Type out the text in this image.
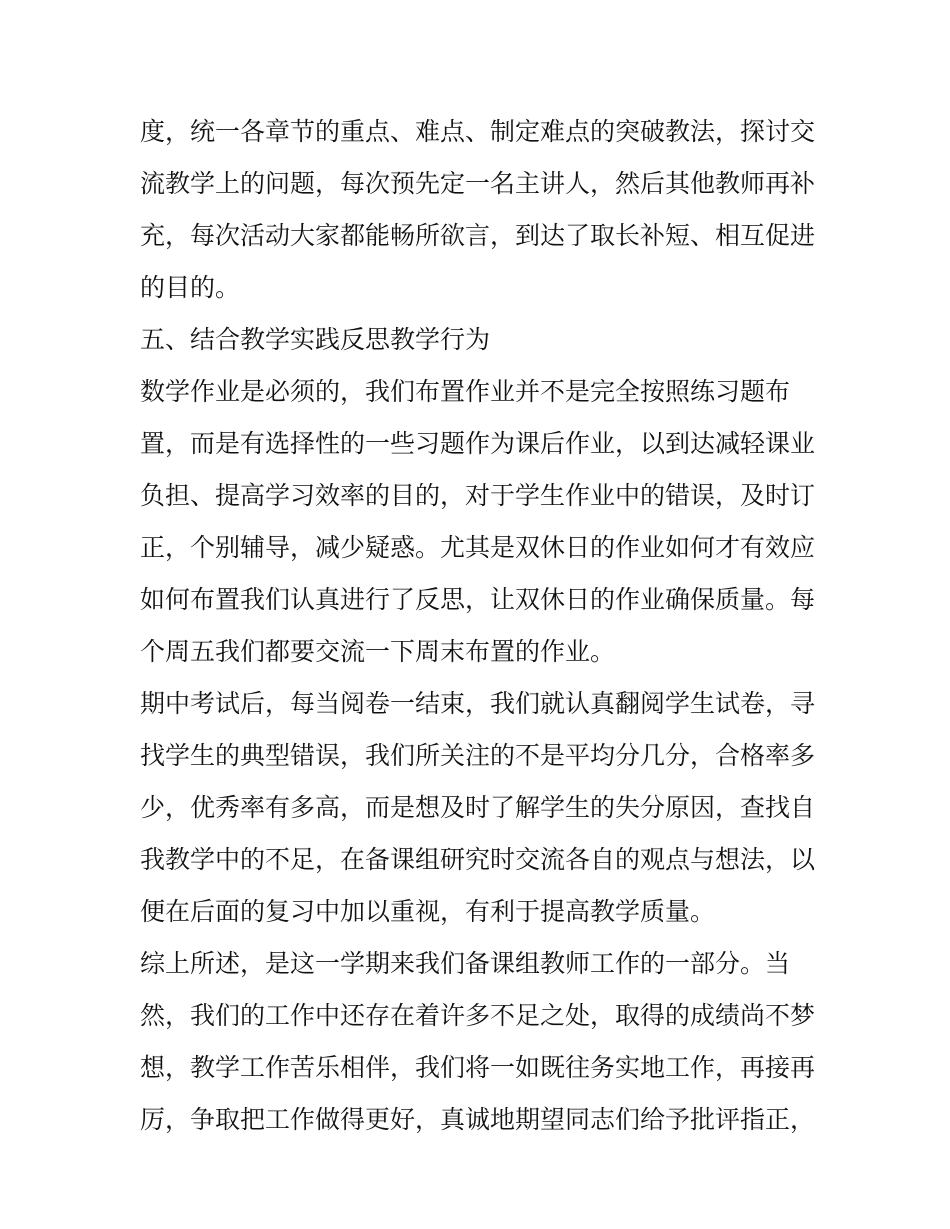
度，统一各章节的重点、难点、制定难点的突破教法，探讨交
流教学上的问题，每次预先定一名主讲人，然后其他教师再补
充，每次活动大家都能畅所欲言，到达了取长补短、相互促进
的目的。
五、结合教学实践反思教学行为
数学作业是必须的，我们布置作业并不是完全按照练习题布
置，而是有选择性的一些习题作为课后作业，以到达减轻课业
负担、提高学习效率的目的，对于学生作业中的错误，及时订
正，个别辅导，减少疑惑。尤其是双休日的作业如何才有效应
如何布置我们认真进行了反思，让双休日的作业确保质量。每
个周五我们都要交流一下周末布置的作业。
期中考试后，每当阅卷一结束，我们就认真翻阅学生试卷，寻
找学生的典型错误，我们所关注的不是平均分几分，合格率多
少，优秀率有多高，而是想及时了解学生的失分原因，查找自
我教学中的不足，在备课组研究时交流各自的观点与想法，以
便在后面的复习中加以重视，有利于提高教学质量。
综上所述，是这一学期来我们备课组教师工作的一部分。当
然，我们的工作中还存在着许多不足之处，取得的成绩尚不梦
想，教学工作苦乐相伴，我们将一如既往务实地工作，再接再
厉，争取把工作做得更好，真诚地期望同志们给予批评指正，
